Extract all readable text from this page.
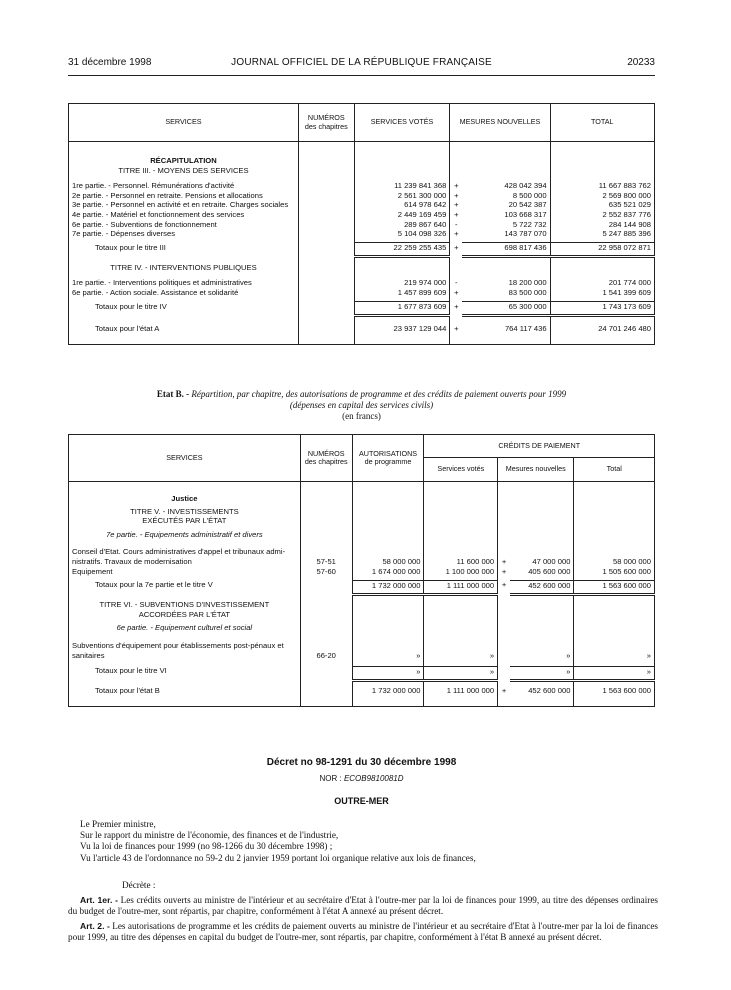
31 décembre 1998	JOURNAL OFFICIEL DE LA RÉPUBLIQUE FRANÇAISE	20233
SERVICES	NUMÉROS des chapitres	SERVICES VOTÉS	MESURES NOUVELLES		TOTAL

RÉCAPITULATION					
TITRE III. - MOYENS DES SERVICES					

1re partie. - Personnel. Rémunérations d'activité		11 239 841 368	+	428 042 394	11 667 883 762
2e partie. - Personnel en retraite. Pensions et allocations		2 561 300 000	+	8 500 000	2 569 800 000
3e partie. - Personnel en activité et en retraite. Charges sociales		614 978 642	+	20 542 387	635 521 029
4e partie. - Matériel et fonctionnement des services		2 449 169 459	+	103 668 317	2 552 837 776
6e partie. - Subventions de fonctionnement		289 867 640	-	5 722 732	284 144 908
7e partie. - Dépenses diverses		5 104 098 326	+	143 787 070	5 247 885 396

Totaux pour le titre III		22 259 255 435	+	698 817 436	22 958 072 871

TITRE IV. - INTERVENTIONS PUBLIQUES					

1re partie. - Interventions politiques et administratives		219 974 000	-	18 200 000	201 774 000
6e partie. - Action sociale. Assistance et solidarité		1 457 899 609	+	83 500 000	1 541 399 609

Totaux pour le titre IV		1 677 873 609	+	65 300 000	1 743 173 609

Totaux pour l'état A		23 937 129 044	+	764 117 436	24 701 246 480

Etat B. - Répartition, par chapitre, des autorisations de programme et des crédits de paiement ouverts pour 1999
(dépenses en capital des services civils)
(en francs)
SERVICES	NUMÉROS des chapitres	AUTORISATIONS de programme	CRÉDITS DE PAIEMENT			
			Services votés	Mesures nouvelles		Total

Justice						

TITRE V. - INVESTISSEMENTS						
EXÉCUTÉS PAR L'ÉTAT						

7e partie. - Equipements administratif et divers						

Conseil d'Etat. Cours administratives d'appel et tribunaux admi-						
nistratifs. Travaux de modernisation	57-51	58 000 000	11 600 000	+	47 000 000	58 000 000
Equipement	57-60	1 674 000 000	1 100 000 000	+	405 600 000	1 505 600 000

Totaux pour la 7e partie et le titre V		1 732 000 000	1 111 000 000	+	452 600 000	1 563 600 000

TITRE VI. - SUBVENTIONS D'INVESTISSEMENT						
ACCORDÉES PAR L'ÉTAT						

6e partie. - Equipement culturel et social						

Subventions d'équipement pour établissements post-pénaux et						
sanitaires	66-20	»	»		»	»

Totaux pour le titre VI		»	»		»	»

Totaux pour l'état B		1 732 000 000	1 111 000 000	+	452 600 000	1 563 600 000

Décret no 98-1291 du 30 décembre 1998
NOR : ECOB9810081D
OUTRE-MER
Le Premier ministre,
Sur le rapport du ministre de l'économie, des finances et de l'industrie,
Vu la loi de finances pour 1999 (no 98-1266 du 30 décembre 1998) ;
Vu l'article 43 de l'ordonnance no 59-2 du 2 janvier 1959 portant loi organique relative aux lois de finances,
Décrète :
Art. 1er. - Les crédits ouverts au ministre de l'intérieur et au secrétaire d'Etat à l'outre-mer par la loi de finances pour 1999, au titre des dépenses ordinaires du budget de l'outre-mer, sont répartis, par chapitre, conformément à l'état A annexé au présent décret.
Art. 2. - Les autorisations de programme et les crédits de paiement ouverts au ministre de l'intérieur et au secrétaire d'Etat à l'outre-mer par la loi de finances pour 1999, au titre des dépenses en capital du budget de l'outre-mer, sont répartis, par chapitre, conformément à l'état B annexé au présent décret.
